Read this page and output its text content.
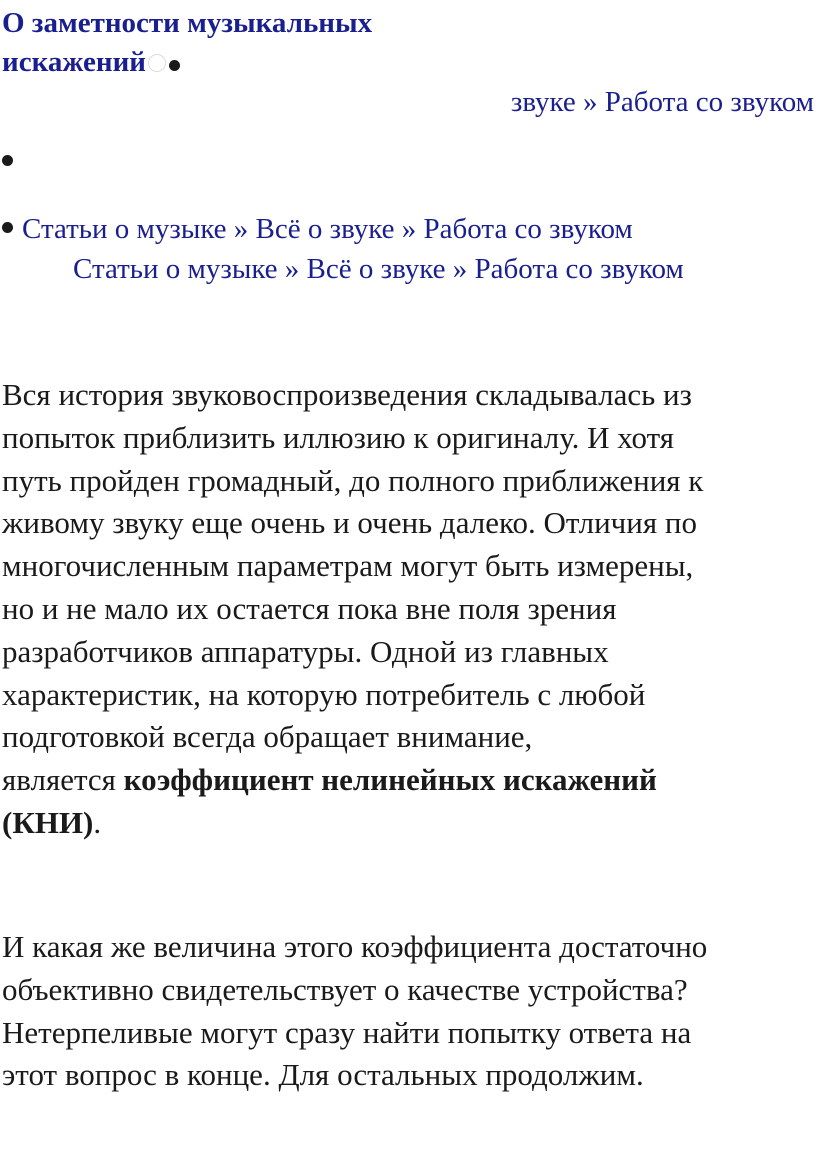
О заметности музыкальных
искажений
звуке » Работа со звуком
Статьи о музыке » Всё о звуке » Работа со звуком
Статьи о музыке » Всё о звуке » Работа со звуком

Вся история звуковоспроизведения складывалась из
попыток приблизить иллюзию к оригиналу. И хотя
путь пройден громадный, до полного приближения к
живому звуку еще очень и очень далеко. Отличия по
многочисленным параметрам могут быть измерены,
но и не мало их остается пока вне поля зрения
разработчиков аппаратуры. Одной из главных
характеристик, на которую потребитель с любой
подготовкой всегда обращает внимание,
является коэффициент нелинейных искажений
(КНИ).

И какая же величина этого коэффициента достаточно
объективно свидетельствует о качестве устройства?
Нетерпеливые могут сразу найти попытку ответа на
этот вопрос в конце. Для остальных продолжим.
